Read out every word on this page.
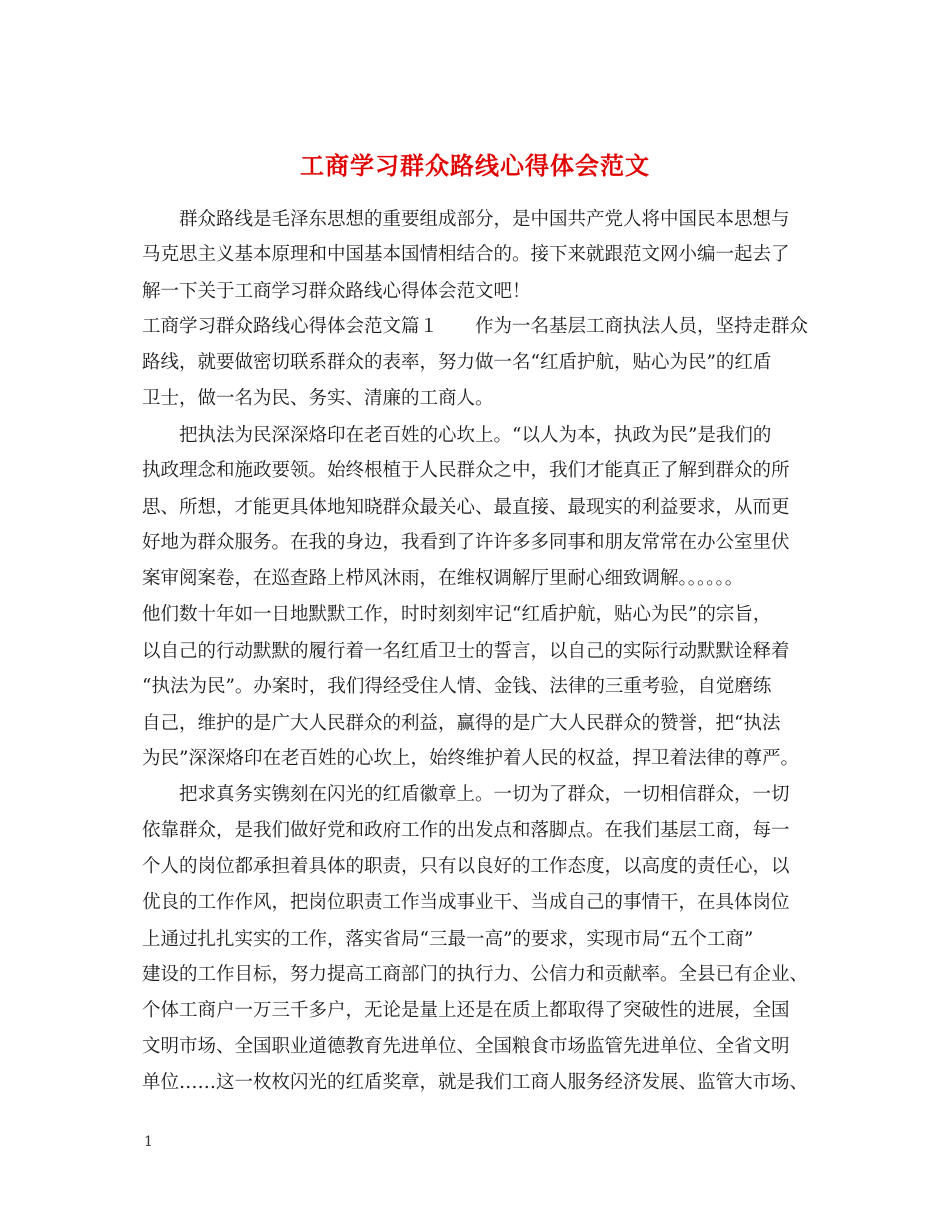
工商学习群众路线心得体会范文
　　群众路线是毛泽东思想的重要组成部分，是中国共产党人将中国民本思想与
马克思主义基本原理和中国基本国情相结合的。接下来就跟范文网小编一起去了
解一下关于工商学习群众路线心得体会范文吧！
工商学习群众路线心得体会范文篇１　　作为一名基层工商执法人员，坚持走群众
路线，就要做密切联系群众的表率，努力做一名“红盾护航，贴心为民”的红盾
卫士，做一名为民、务实、清廉的工商人。
　　把执法为民深深烙印在老百姓的心坎上。“以人为本，执政为民”是我们的
执政理念和施政要领。始终根植于人民群众之中，我们才能真正了解到群众的所
思、所想，才能更具体地知晓群众最关心、最直接、最现实的利益要求，从而更
好地为群众服务。在我的身边，我看到了许许多多同事和朋友常常在办公室里伏
案审阅案卷，在巡查路上栉风沐雨，在维权调解厅里耐心细致调解。。。。。。
他们数十年如一日地默默工作，时时刻刻牢记“红盾护航，贴心为民”的宗旨，
以自己的行动默默的履行着一名红盾卫士的誓言，以自己的实际行动默默诠释着
“执法为民”。办案时，我们得经受住人情、金钱、法律的三重考验，自觉磨练
自己，维护的是广大人民群众的利益，赢得的是广大人民群众的赞誉，把“执法
为民”深深烙印在老百姓的心坎上，始终维护着人民的权益，捍卫着法律的尊严。
　　把求真务实镌刻在闪光的红盾徽章上。一切为了群众，一切相信群众，一切
依靠群众，是我们做好党和政府工作的出发点和落脚点。在我们基层工商，每一
个人的岗位都承担着具体的职责，只有以良好的工作态度，以高度的责任心，以
优良的工作作风，把岗位职责工作当成事业干、当成自己的事情干，在具体岗位
上通过扎扎实实的工作，落实省局“三最一高”的要求，实现市局“五个工商”
建设的工作目标，努力提高工商部门的执行力、公信力和贡献率。全县已有企业、
个体工商户一万三千多户，无论是量上还是在质上都取得了突破性的进展，全国
文明市场、全国职业道德教育先进单位、全国粮食市场监管先进单位、全省文明
单位……这一枚枚闪光的红盾奖章，就是我们工商人服务经济发展、监管大市场、
1
